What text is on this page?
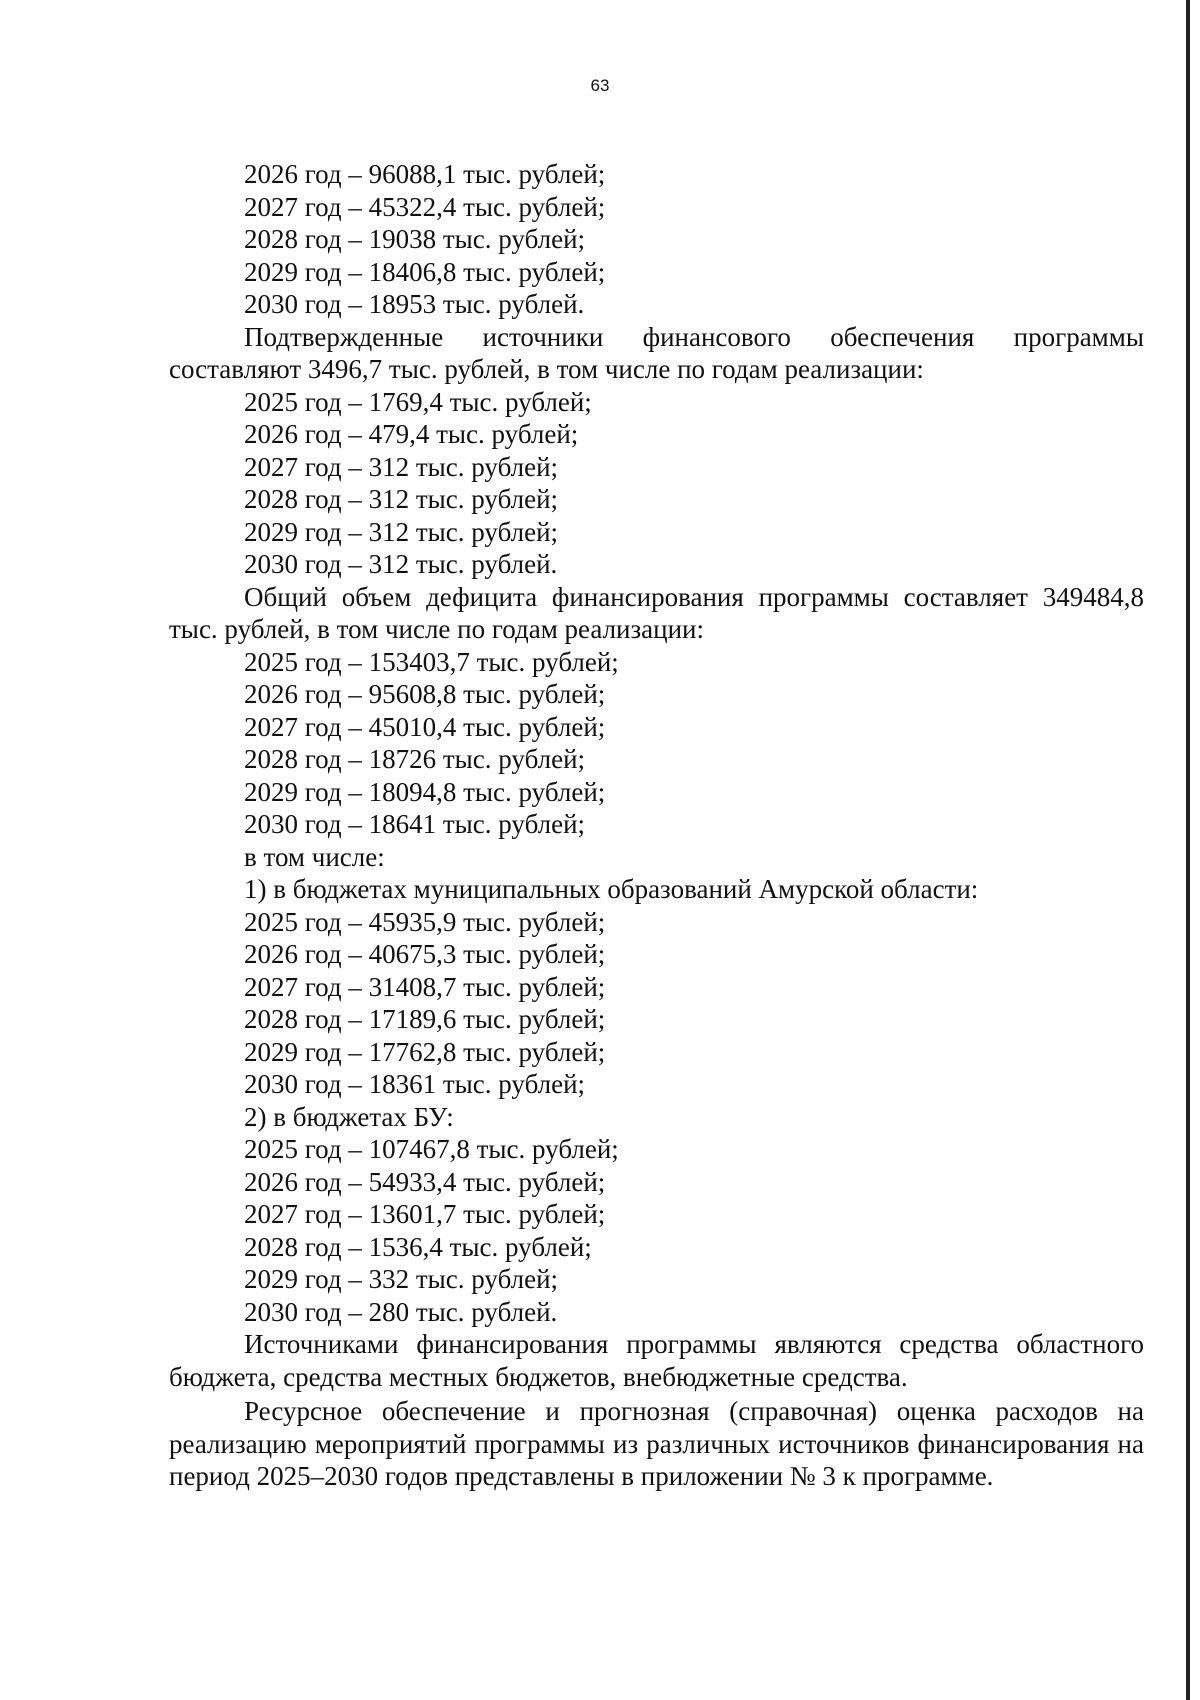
63
2026 год – 96088,1 тыс. рублей;
2027 год – 45322,4 тыс. рублей;
2028 год – 19038 тыс. рублей;
2029 год – 18406,8 тыс. рублей;
2030 год – 18953 тыс. рублей.
Подтвержденные источники финансового обеспечения программы составляют 3496,7 тыс. рублей, в том числе по годам реализации:
2025 год – 1769,4 тыс. рублей;
2026 год – 479,4 тыс. рублей;
2027 год – 312 тыс. рублей;
2028 год – 312 тыс. рублей;
2029 год – 312 тыс. рублей;
2030 год – 312 тыс. рублей.
Общий объем дефицита финансирования программы составляет 349484,8 тыс. рублей, в том числе по годам реализации:
2025 год – 153403,7 тыс. рублей;
2026 год – 95608,8 тыс. рублей;
2027 год – 45010,4 тыс. рублей;
2028 год – 18726 тыс. рублей;
2029 год – 18094,8 тыс. рублей;
2030 год – 18641 тыс. рублей;
в том числе:
1) в бюджетах муниципальных образований Амурской области:
2025 год – 45935,9 тыс. рублей;
2026 год – 40675,3 тыс. рублей;
2027 год – 31408,7 тыс. рублей;
2028 год – 17189,6 тыс. рублей;
2029 год – 17762,8 тыс. рублей;
2030 год – 18361 тыс. рублей;
2) в бюджетах БУ:
2025 год – 107467,8 тыс. рублей;
2026 год – 54933,4 тыс. рублей;
2027 год – 13601,7 тыс. рублей;
2028 год – 1536,4 тыс. рублей;
2029 год – 332 тыс. рублей;
2030 год – 280 тыс. рублей.
Источниками финансирования программы являются средства областного бюджета, средства местных бюджетов, внебюджетные средства.
Ресурсное обеспечение и прогнозная (справочная) оценка расходов на реализацию мероприятий программы из различных источников финансирования на период 2025–2030 годов представлены в приложении № 3 к программе.
